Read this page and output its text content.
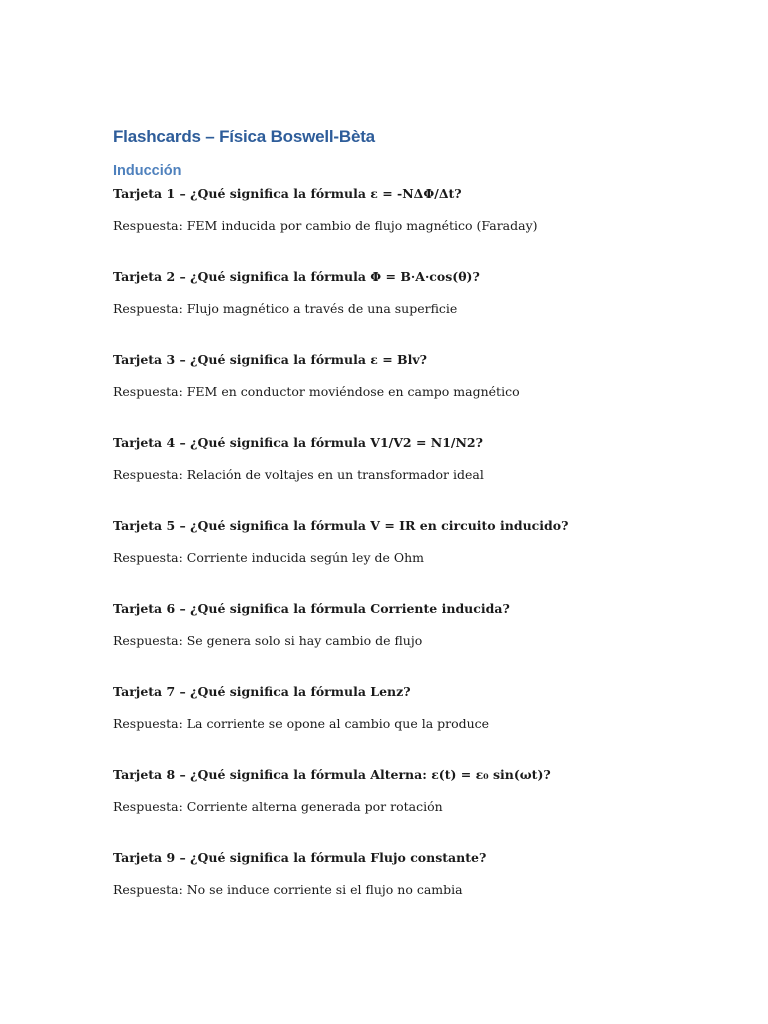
Flashcards – Física Boswell-Bèta
Inducción

Tarjeta 1 – ¿Qué significa la fórmula ε = -NΔΦ/Δt?

Respuesta: FEM inducida por cambio de flujo magnético (Faraday)

Tarjeta 2 – ¿Qué significa la fórmula Φ = B·A·cos(θ)?

Respuesta: Flujo magnético a través de una superficie

Tarjeta 3 – ¿Qué significa la fórmula ε = Blv?

Respuesta: FEM en conductor moviéndose en campo magnético

Tarjeta 4 – ¿Qué significa la fórmula V1/V2 = N1/N2?

Respuesta: Relación de voltajes en un transformador ideal

Tarjeta 5 – ¿Qué significa la fórmula V = IR en circuito inducido?

Respuesta: Corriente inducida según ley de Ohm

Tarjeta 6 – ¿Qué significa la fórmula Corriente inducida?

Respuesta: Se genera solo si hay cambio de flujo

Tarjeta 7 – ¿Qué significa la fórmula Lenz?

Respuesta: La corriente se opone al cambio que la produce

Tarjeta 8 – ¿Qué significa la fórmula Alterna: ε(t) = ε₀ sin(ωt)?

Respuesta: Corriente alterna generada por rotación

Tarjeta 9 – ¿Qué significa la fórmula Flujo constante?

Respuesta: No se induce corriente si el flujo no cambia
